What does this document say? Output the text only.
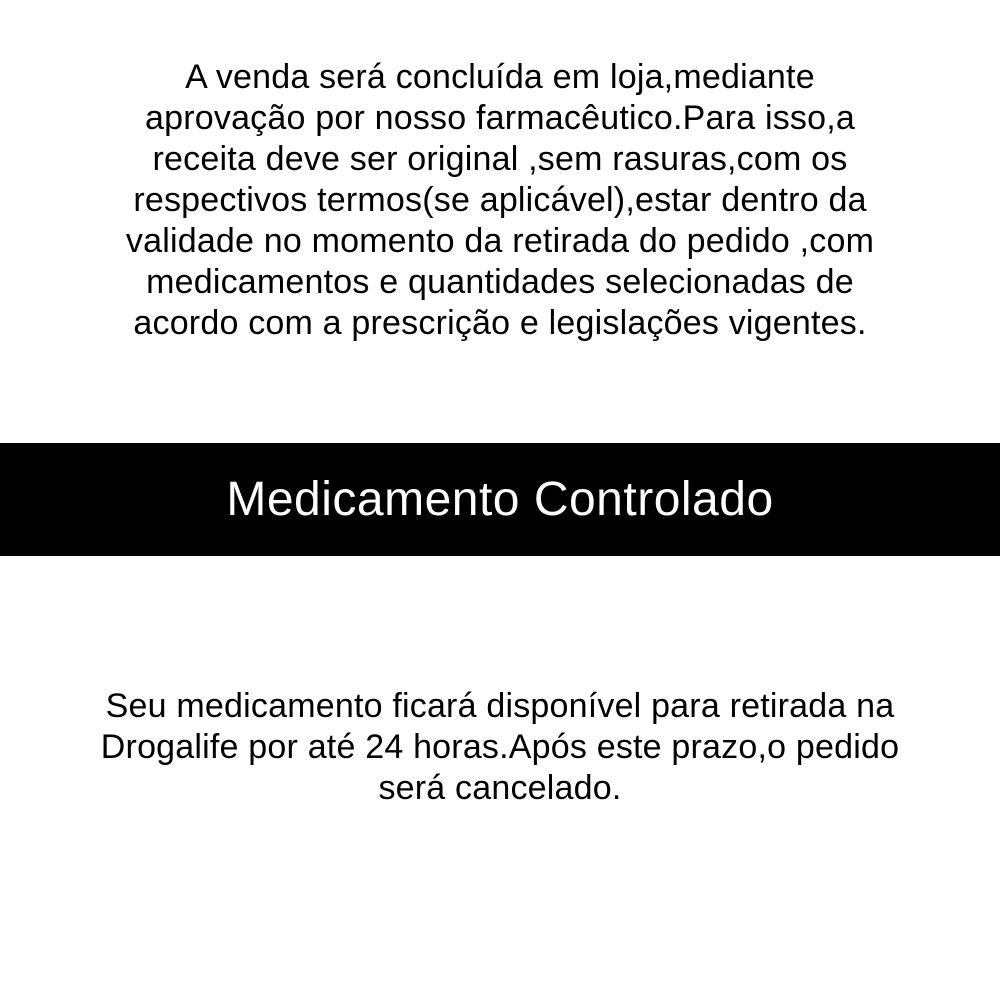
A venda será concluída em loja,mediante
aprovação por nosso farmacêutico.Para isso,a
receita deve ser original ,sem rasuras,com os
respectivos termos(se aplicável),estar dentro da
validade no momento da retirada do pedido ,com
medicamentos e quantidades selecionadas de
acordo com a prescrição e legislações vigentes.
Medicamento Controlado
Seu medicamento ficará disponível para retirada na
Drogalife por até 24 horas.Após este prazo,o pedido
será cancelado.
